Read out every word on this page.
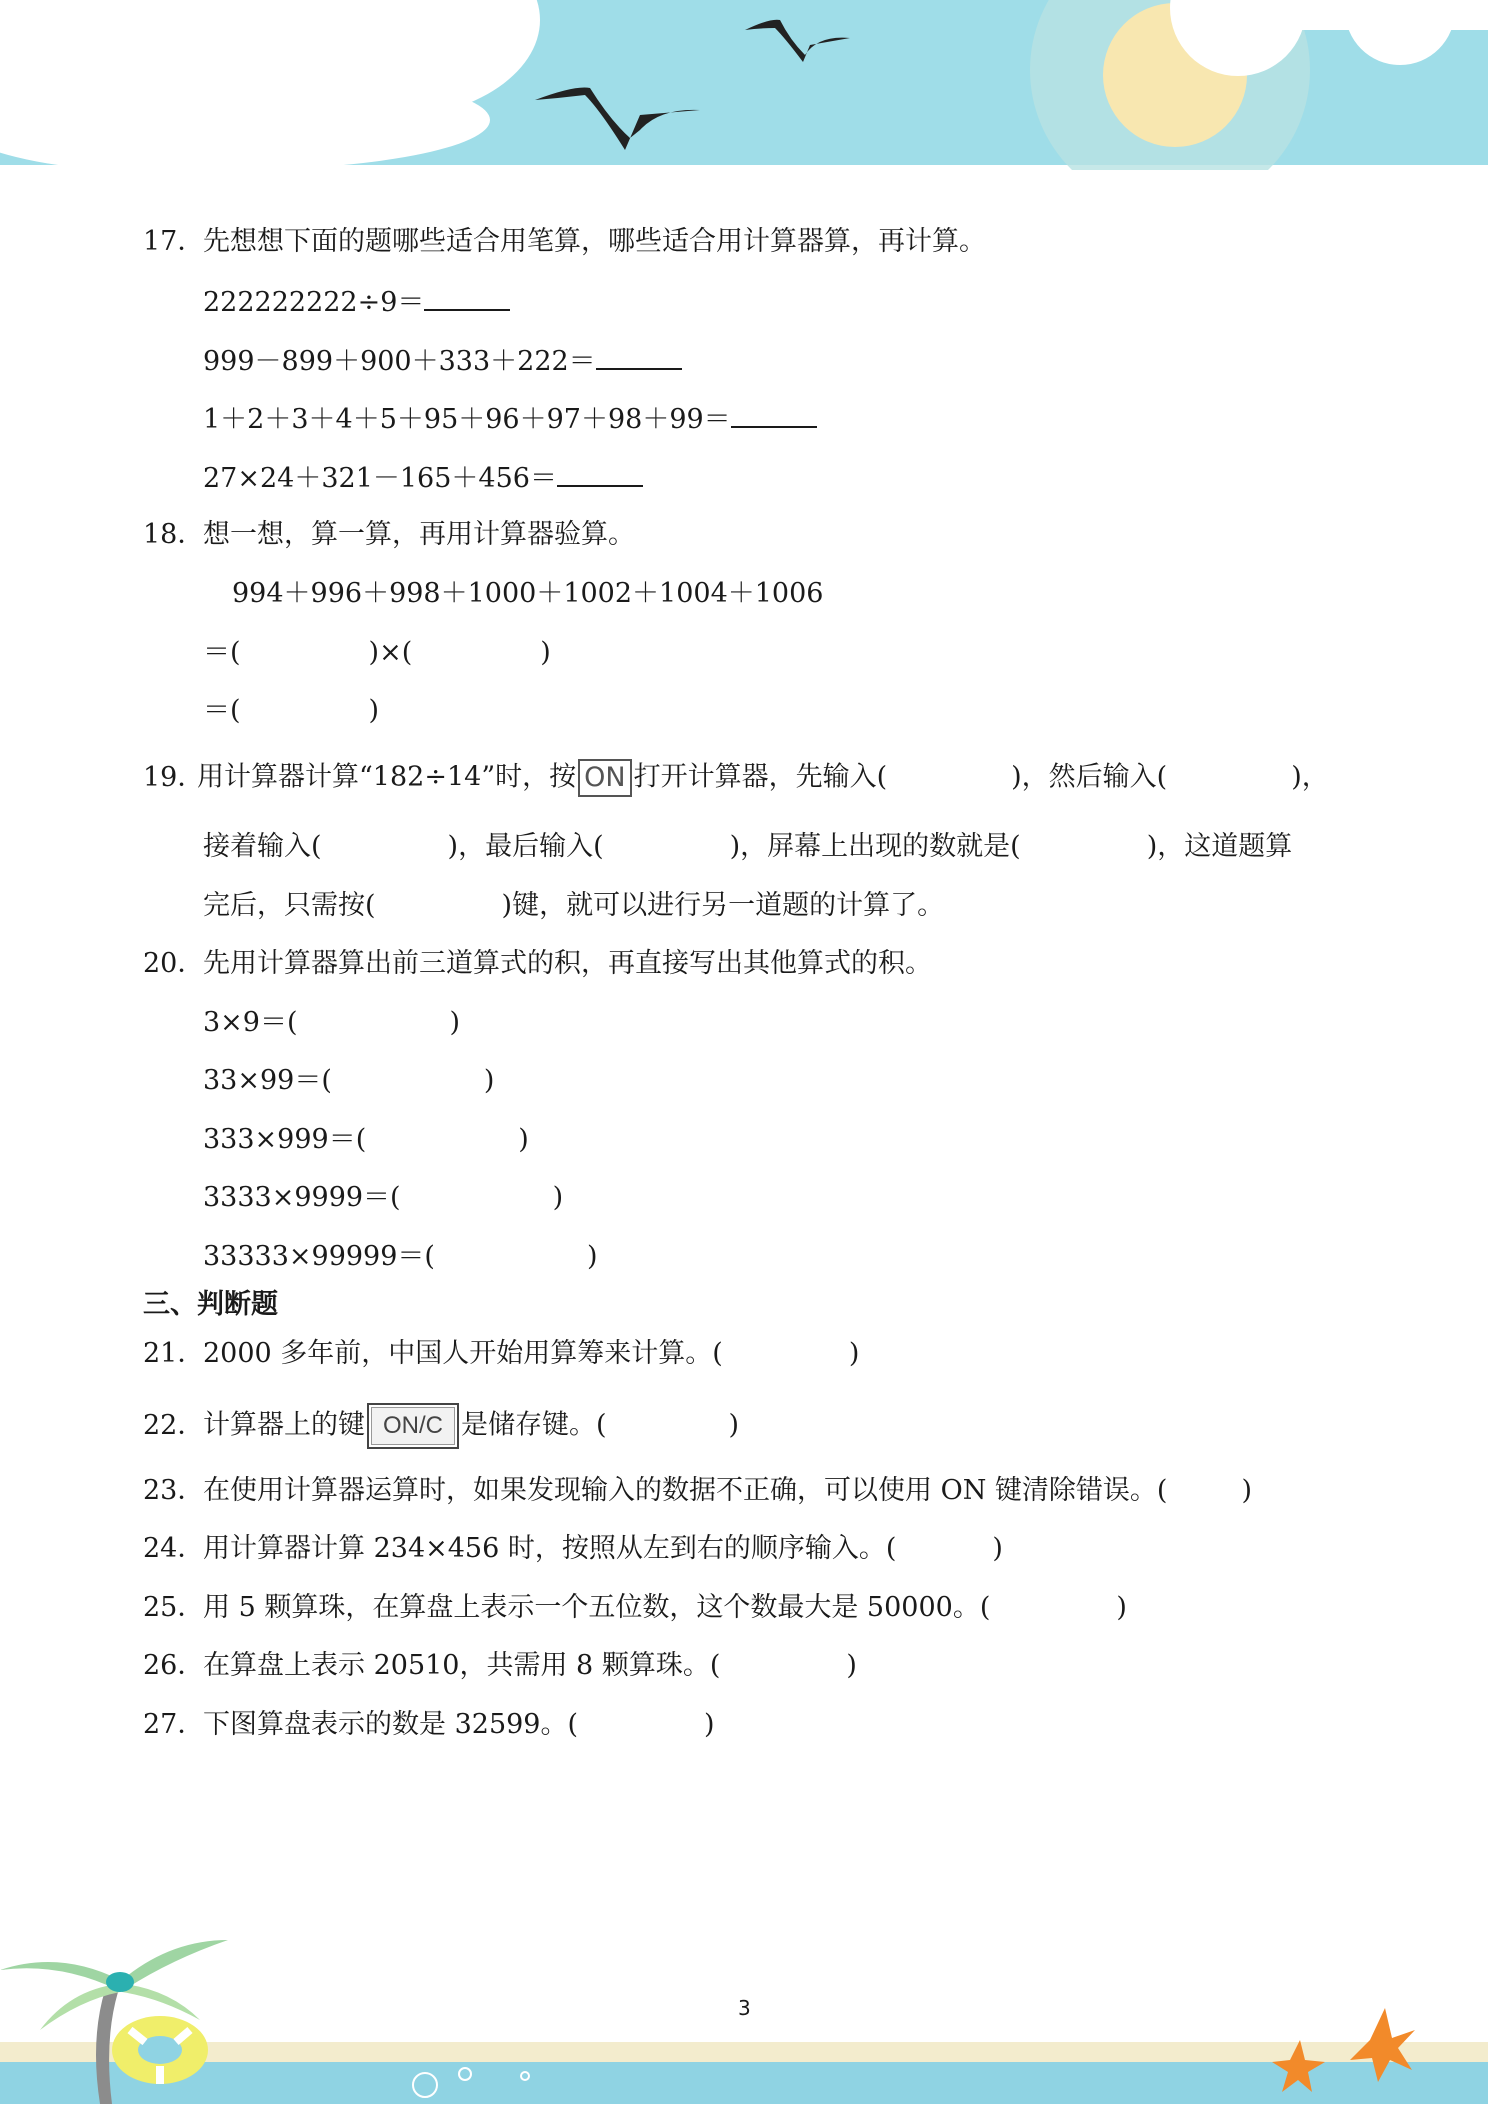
17．先想想下面的题哪些适合用笔算，哪些适合用计算器算，再计算。
222222222÷9＝
999－899＋900＋333＋222＝
1＋2＋3＋4＋5＋95＋96＋97＋98＋99＝
27×24＋321－165＋456＝
18．想一想，算一算，再用计算器验算。
994＋996＋998＋1000＋1002＋1004＋1006
＝(	)×(	)
＝(	)
19．用计算器计算“182÷14”时，按 ON 打开计算器，先输入(	)，然后输入(	)，
接着输入(	)，最后输入(	)，屏幕上出现的数就是(	)，这道题算
完后，只需按(	)键，就可以进行另一道题的计算了。
20．先用计算器算出前三道算式的积，再直接写出其他算式的积。
3×9＝(	)
33×99＝(	)
333×999＝(	)
3333×9999＝(	)
33333×99999＝(	)
三、判断题
21．2000 多年前，中国人开始用算筹来计算。(	)
22．计算器上的键 ON/C 是储存键。(	)
23．在使用计算器运算时，如果发现输入的数据不正确，可以使用 ON 键清除错误。(	)
24．用计算器计算 234×456 时，按照从左到右的顺序输入。(	)
25．用 5 颗算珠，在算盘上表示一个五位数，这个数最大是 50000。(	)
26．在算盘上表示 20510，共需用 8 颗算珠。(	)
27．下图算盘表示的数是 32599。(	)
3
